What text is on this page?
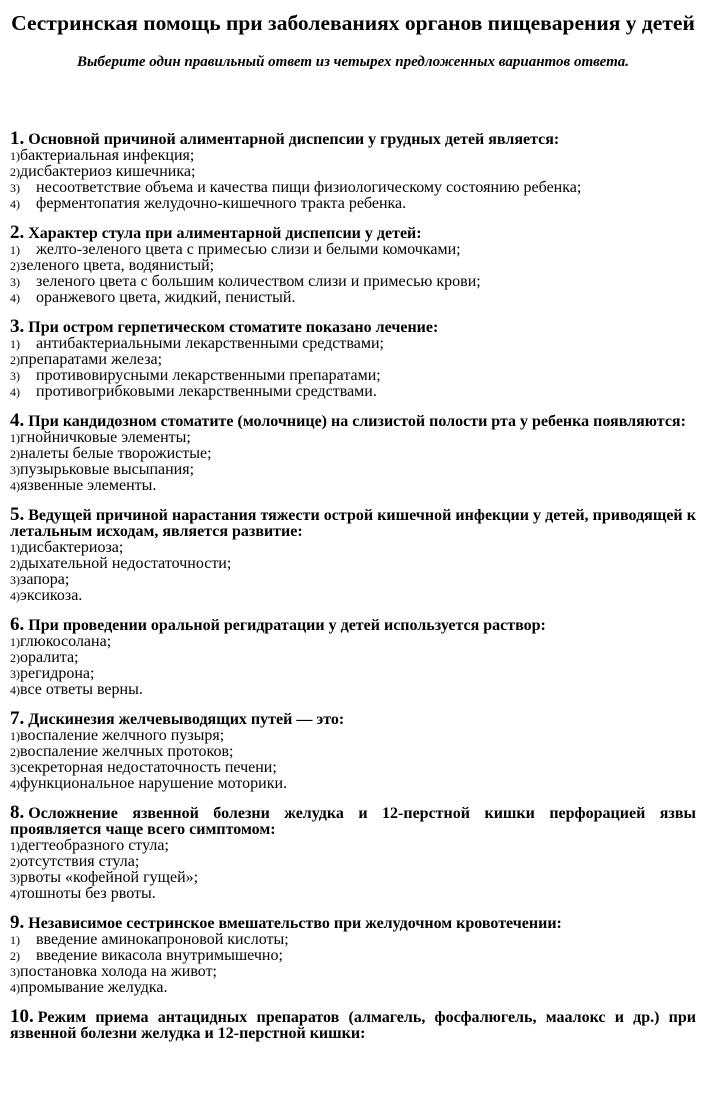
Сестринская помощь при заболеваниях органов пищеварения у детей
Выберите один правильный ответ из четырех предложенных вариантов ответа.
1. Основной причиной алиментарной диспепсии у грудных детей является:
1)бактериальная инфекция;
2)дисбактериоз кишечника;
3) несоответствие объема и качества пищи физиологическому состоянию ребенка;
4) ферментопатия желудочно-кишечного тракта ребенка.
2. Характер стула при алиментарной диспепсии у детей:
1) желто-зеленого цвета с примесью слизи и белыми комочками;
2)зеленого цвета, водянистый;
3) зеленого цвета с большим количеством слизи и примесью крови;
4) оранжевого цвета, жидкий, пенистый.
3. При остром герпетическом стоматите показано лечение:
1) антибактериальными лекарственными средствами;
2)препаратами железа;
3) противовирусными лекарственными препаратами;
4) противогрибковыми лекарственными средствами.
4. При кандидозном стоматите (молочнице) на слизистой полости рта у ребенка появляются:
1)гнойничковые элементы;
2)налеты белые творожистые;
3)пузырьковые высыпания;
4)язвенные элементы.
5. Ведущей причиной нарастания тяжести острой кишечной инфекции у детей, приводящей к летальным исходам, является развитие:
1)дисбактериоза;
2)дыхательной недостаточности;
3)запора;
4)эксикоза.
6. При проведении оральной регидратации у детей используется раствор:
1)глюкосолана;
2)оралита;
3)регидрона;
4)все ответы верны.
7. Дискинезия желчевыводящих путей — это:
1)воспаление желчного пузыря;
2)воспаление желчных протоков;
3)секреторная недостаточность печени;
4)функциональное нарушение моторики.
8. Осложнение язвенной болезни желудка и 12-перстной кишки перфорацией язвы проявляется чаще всего симптомом:
1)дегтеобразного стула;
2)отсутствия стула;
3)рвоты «кофейной гущей»;
4)тошноты без рвоты.
9. Независимое сестринское вмешательство при желудочном кровотечении:
1) введение аминокапроновой кислоты;
2) введение викасола внутримышечно;
3)постановка холода на живот;
4)промывание желудка.
10. Режим приема антацидных препаратов (алмагель, фосфалюгель, маалокс и др.) при язвенной болезни желудка и 12-перстной кишки:
